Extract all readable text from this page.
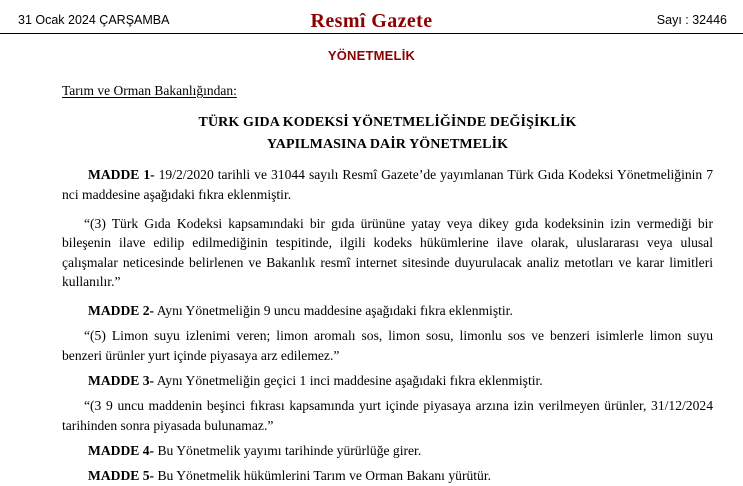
31 Ocak 2024 ÇARŞAMBA	Resmî Gazete	Sayı : 32446
YÖNETMELİK
Tarım ve Orman Bakanlığından:
TÜRK GIDA KODEKSİ YÖNETMELİĞİNDE DEĞİŞİKLİK
YAPILMASINA DAİR YÖNETMELİK

MADDE 1- 19/2/2020 tarihli ve 31044 sayılı Resmî Gazete’de yayımlanan Türk Gıda Kodeksi Yönetmeliğinin 7 nci maddesine aşağıdaki fıkra eklenmiştir.

“(3) Türk Gıda Kodeksi kapsamındaki bir gıda ürününe yatay veya dikey gıda kodeksinin izin vermediği bir bileşenin ilave edilip edilmediğinin tespitinde, ilgili kodeks hükümlerine ilave olarak, uluslararası veya ulusal çalışmalar neticesinde belirlenen ve Bakanlık resmî internet sitesinde duyurulacak analiz metotları ve karar limitleri kullanılır.”

MADDE 2- Aynı Yönetmeliğin 9 uncu maddesine aşağıdaki fıkra eklenmiştir.

“(5) Limon suyu izlenimi veren; limon aromalı sos, limon sosu, limonlu sos ve benzeri isimlerle limon suyu benzeri ürünler yurt içinde piyasaya arz edilemez.”

MADDE 3- Aynı Yönetmeliğin geçici 1 inci maddesine aşağıdaki fıkra eklenmiştir.

“(3 9 uncu maddenin beşinci fıkrası kapsamında yurt içinde piyasaya arzına izin verilmeyen ürünler, 31/12/2024 tarihinden sonra piyasada bulunamaz.”

MADDE 4- Bu Yönetmelik yayımı tarihinde yürürlüğe girer.

MADDE 5- Bu Yönetmelik hükümlerini Tarım ve Orman Bakanı yürütür.
